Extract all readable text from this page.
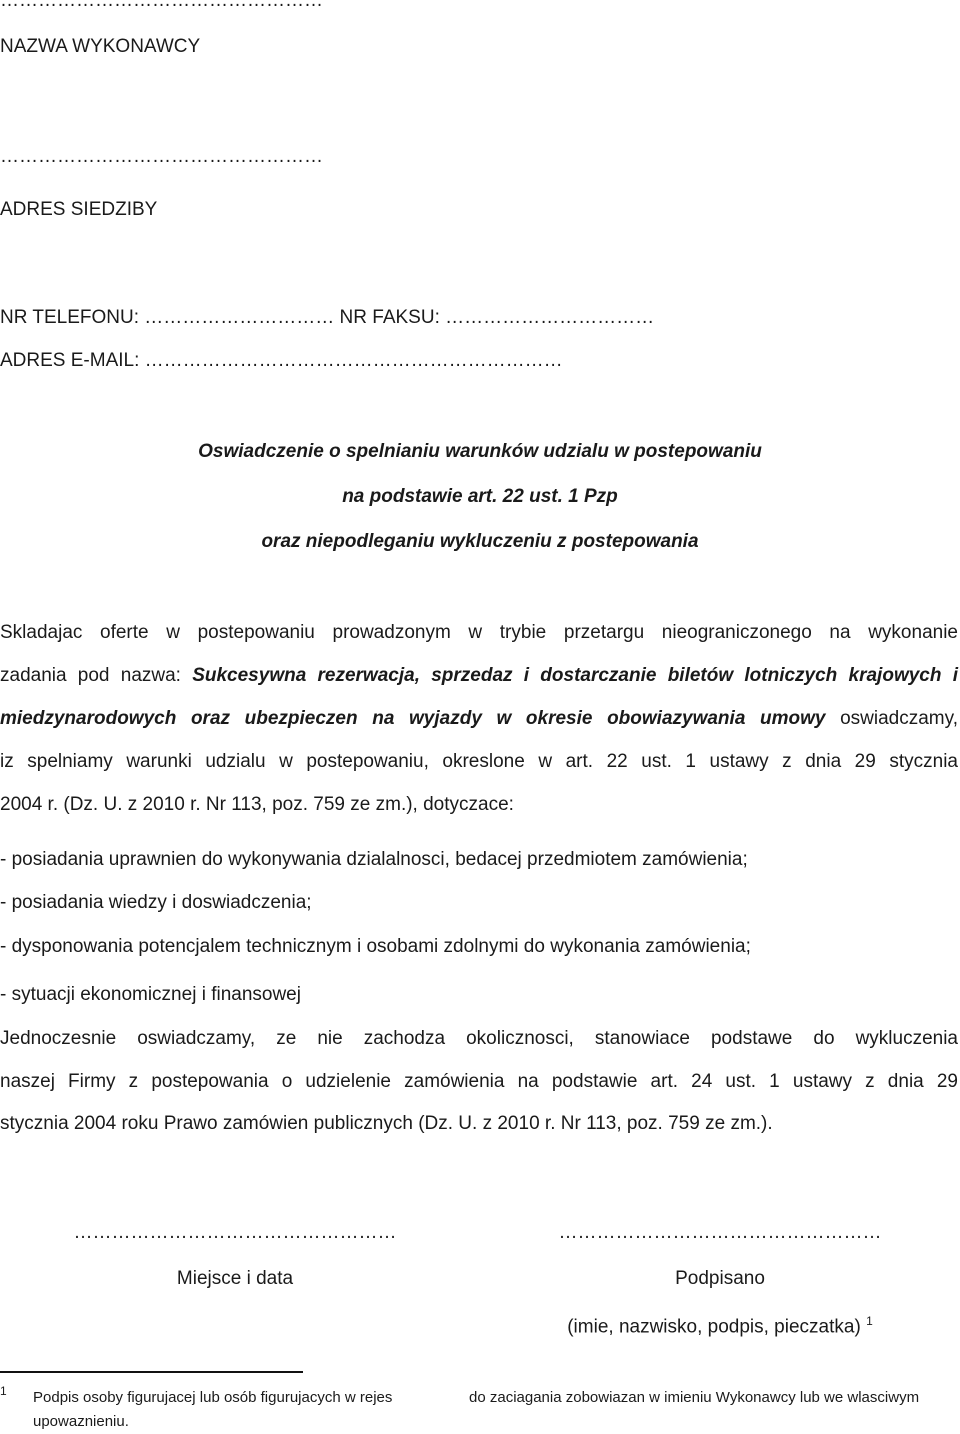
……………………………………………
NAZWA WYKONAWCY
……………………………………………
ADRES SIEDZIBY
NR TELEFONU: ………………………… NR FAKSU: ……………………………
ADRES E-MAIL: …………………………………………………………
Oswiadczenie o spelnianiu warunków udzialu w postepowaniu
na podstawie art. 22 ust. 1 Pzp
oraz niepodleganiu wykluczeniu z postepowania
Skladajac oferte w postepowaniu prowadzonym w trybie przetargu nieograniczonego na wykonanie
zadania pod nazwa: Sukcesywna rezerwacja, sprzedaz i dostarczanie biletów lotniczych krajowych i
miedzynarodowych oraz ubezpieczen na wyjazdy w okresie obowiazywania umowy oswiadczamy,
iz spelniamy warunki udzialu w postepowaniu, okreslone w art. 22 ust. 1 ustawy z dnia 29 stycznia
2004 r. (Dz. U. z 2010 r. Nr 113, poz. 759 ze zm.), dotyczace:
- posiadania uprawnien do wykonywania dzialalnosci, bedacej przedmiotem zamówienia;
- posiadania wiedzy i doswiadczenia;
- dysponowania potencjalem technicznym i osobami zdolnymi do wykonania zamówienia;
- sytuacji ekonomicznej i finansowej
Jednoczesnie oswiadczamy, ze nie zachodza okolicznosci, stanowiace podstawe do wykluczenia
naszej Firmy z postepowania o udzielenie zamówienia na podstawie art. 24 ust. 1 ustawy z dnia 29
stycznia 2004 roku Prawo zamówien publicznych (Dz. U. z 2010 r. Nr 113, poz. 759 ze zm.).
……………………………………………
Miejsce i data
……………………………………………
Podpisano
(imie, nazwisko, podpis, pieczatka) $^1$
1 Podpis osoby figurujacej lub osób figurujacych w rejes	do zaciagania zobowiazan w imieniu Wykonawcy lub we wlasciwym
upowaznieniu.
